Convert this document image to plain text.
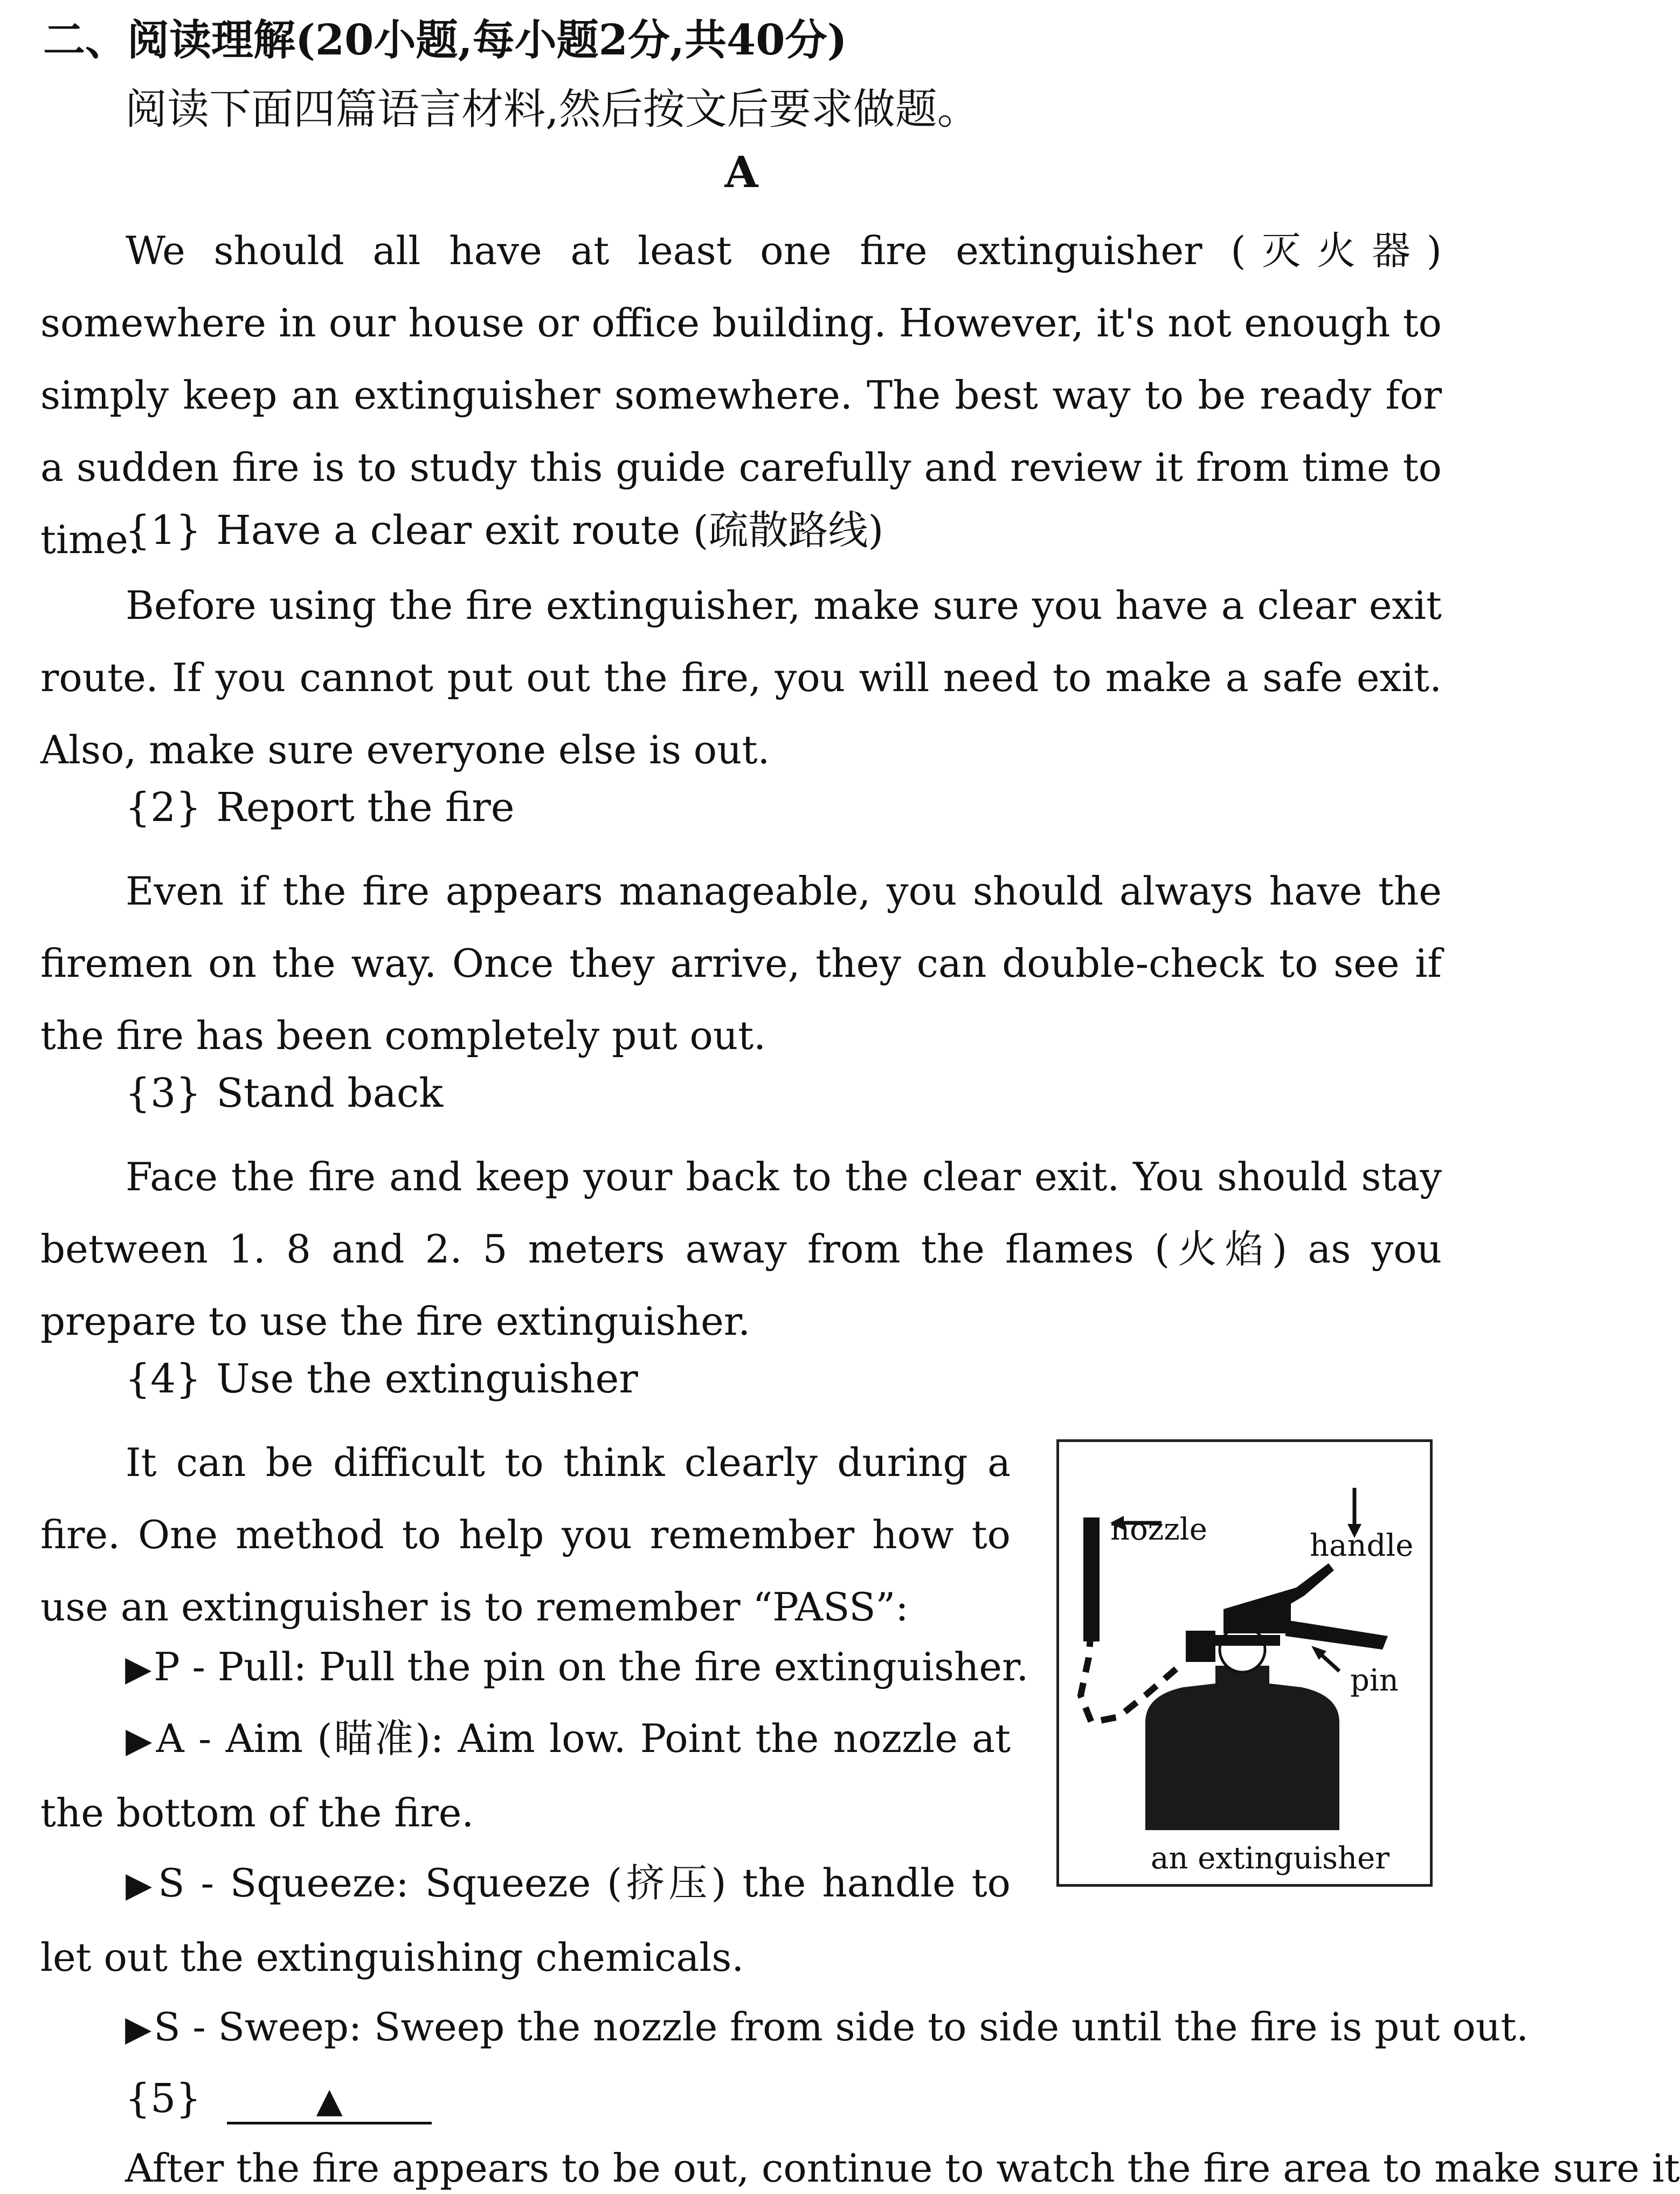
二、阅读理解(20小题,每小题2分,共40分)
阅读下面四篇语言材料,然后按文后要求做题。
A

We should all have at least one fire extinguisher (灭火器) somewhere in our house or office building. However, it's not enough to simply keep an extinguisher somewhere. The best way to be ready for a sudden fire is to study this guide carefully and review it from time to time.

{1} Have a clear exit route (疏散路线)

Before using the fire extinguisher, make sure you have a clear exit route. If you cannot put out the fire, you will need to make a safe exit. Also, make sure everyone else is out.

{2} Report the fire

Even if the fire appears manageable, you should always have the firemen on the way. Once they arrive, they can double-check to see if the fire has been completely put out.

{3} Stand back

Face the fire and keep your back to the clear exit. You should stay between 1. 8 and 2. 5 meters away from the flames (火焰) as you prepare to use the fire extinguisher.

{4} Use the extinguisher

It can be difficult to think clearly during a fire. One method to help you remember how to use an extinguisher is to remember “PASS”:

▶P - Pull: Pull the pin on the fire extinguisher.

▶A - Aim (瞄准): Aim low. Point the nozzle at the bottom of the fire.

▶S - Squeeze: Squeeze (挤压) the handle to let out the extinguishing chemicals.

▶S - Sweep: Sweep the nozzle from side to side until the fire is put out.
{5}	▲
After the fire appears to be out, continue to watch the fire area to make sure it
nozzle	handle
pin
an extinguisher
